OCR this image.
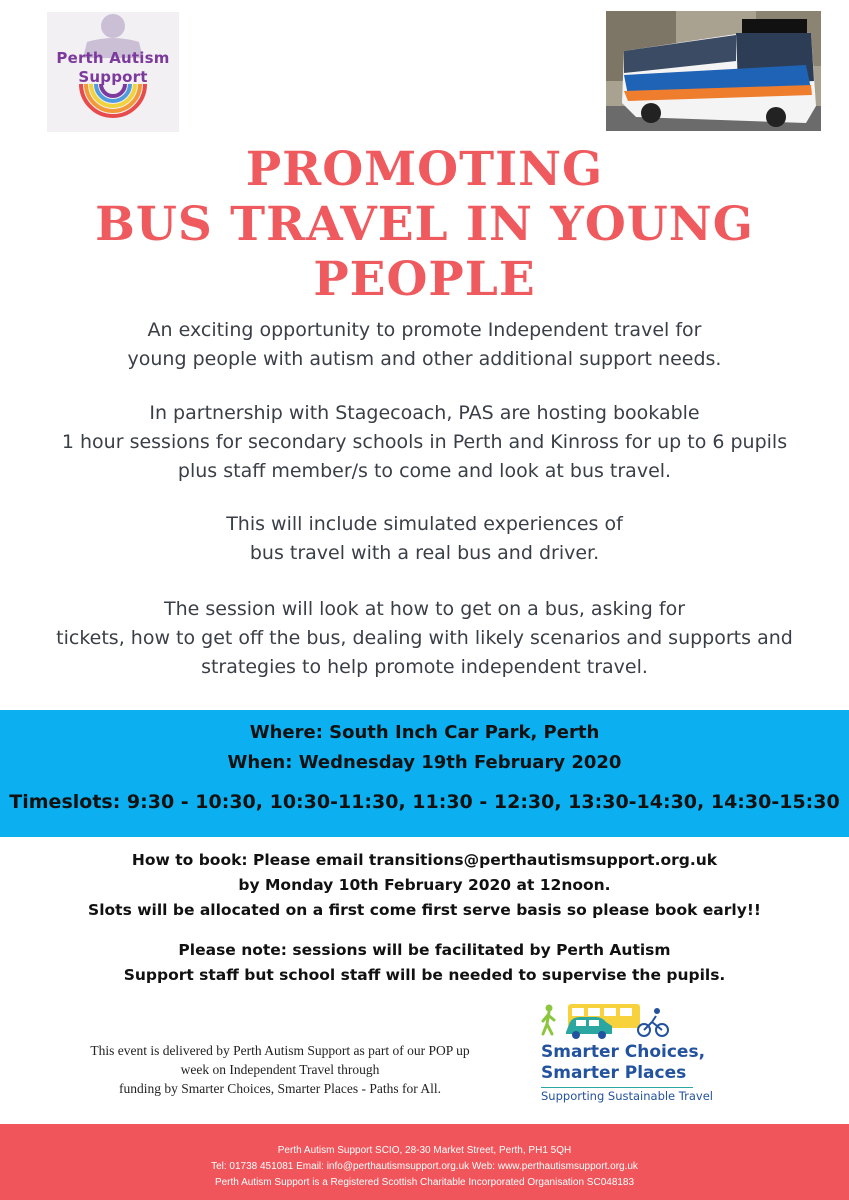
Perth Autism
Support
PROMOTING
BUS TRAVEL IN YOUNG
PEOPLE
An exciting opportunity to promote Independent travel for
young people with autism and other additional support needs.
In partnership with Stagecoach, PAS are hosting bookable
1 hour sessions for secondary schools in Perth and Kinross for up to 6 pupils
plus staff member/s to come and look at bus travel.
This will include simulated experiences of
bus travel with a real bus and driver.
The session will look at how to get on a bus, asking for
tickets, how to get off the bus, dealing with likely scenarios and supports and
strategies to help promote independent travel.
Where: South Inch Car Park, Perth
When: Wednesday 19th February 2020
Timeslots: 9:30 - 10:30, 10:30-11:30, 11:30 - 12:30, 13:30-14:30, 14:30-15:30
How to book: Please email transitions@perthautismsupport.org.uk
by Monday 10th February 2020 at 12noon.
Slots will be allocated on a first come first serve basis so please book early!!
Please note: sessions will be facilitated by Perth Autism
Support staff but school staff will be needed to supervise the pupils.
This event is delivered by Perth Autism Support as part of our POP up
week on Independent Travel through
funding by Smarter Choices, Smarter Places - Paths for All.
Smarter Choices,
Smarter Places
Supporting Sustainable Travel
Perth Autism Support SCIO, 28-30 Market Street, Perth, PH1 5QH
Tel: 01738 451081 Email: info@perthautismsupport.org.uk Web: www.perthautismsupport.org.uk
Perth Autism Support is a Registered Scottish Charitable Incorporated Organisation SC048183
